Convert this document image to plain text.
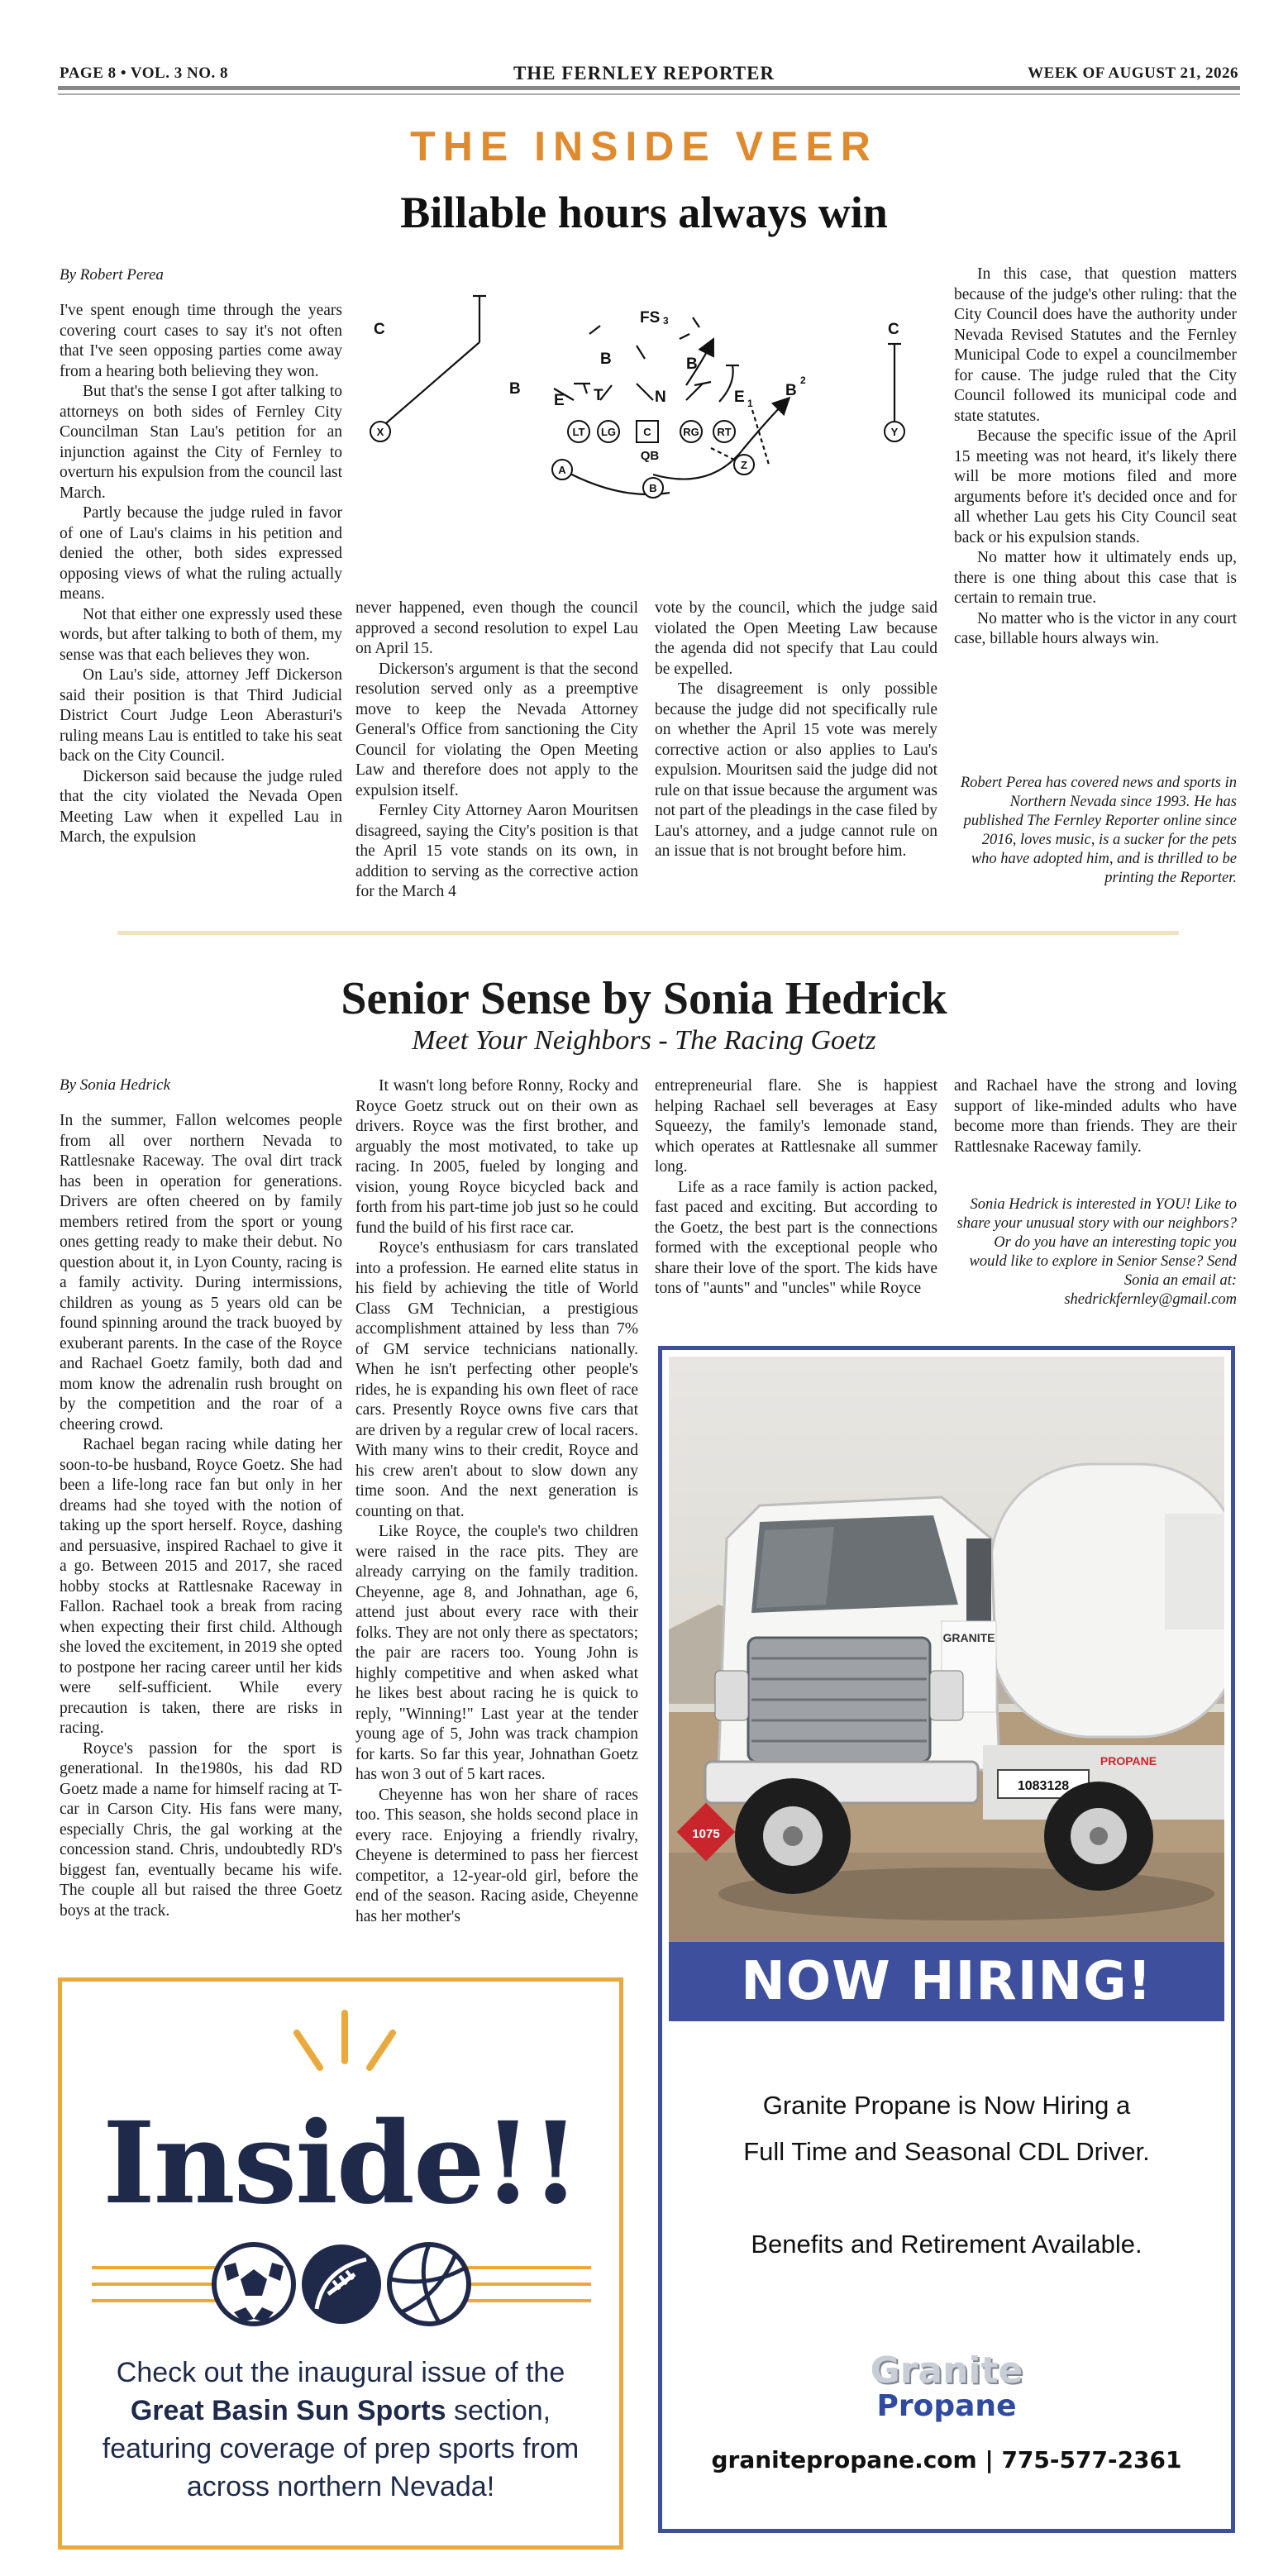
PAGE 8 • VOL. 3 NO. 8	THE FERNLEY REPORTER	WEEK OF AUGUST 21, 2026
THE INSIDE VEER
Billable hours always win
By Robert Perea

I've spent enough time through the years covering court cases to say it's not often that I've seen opposing parties come away from a hearing both believing they won.

But that's the sense I got after talking to attorneys on both sides of Fernley City Councilman Stan Lau's petition for an injunction against the City of Fernley to overturn his expulsion from the council last March.

Partly because the judge ruled in favor of one of Lau's claims in his petition and denied the other, both sides expressed opposing views of what the ruling actually means.

Not that either one expressly used these words, but after talking to both of them, my sense was that each believes they won.

On Lau's side, attorney Jeff Dickerson said their position is that Third Judicial District Court Judge Leon Aberasturi's ruling means Lau is entitled to take his seat back on the City Council.

Dickerson said because the judge ruled that the city violated the Nevada Open Meeting Law when it expelled Lau in March, the expulsion

C
FS 3	C
B
B	B
B
2
E T	N	E 1
LT LG	C	RG RT
X	Y
QB
A	Z
B

never happened, even though the council approved a second resolution to expel Lau on April 15.

Dickerson's argument is that the second resolution served only as a preemptive move to keep the Nevada Attorney General's Office from sanctioning the City Council for violating the Open Meeting Law and therefore does not apply to the expulsion itself.

Fernley City Attorney Aaron Mouritsen disagreed, saying the City's position is that the April 15 vote stands on its own, in addition to serving as the corrective action for the March 4

vote by the council, which the judge said violated the Open Meeting Law because the agenda did not specify that Lau could be expelled.

The disagreement is only possible because the judge did not specifically rule on whether the April 15 vote was merely corrective action or also applies to Lau's expulsion. Mouritsen said the judge did not rule on that issue because the argument was not part of the pleadings in the case filed by Lau's attorney, and a judge cannot rule on an issue that is not brought before him.

In this case, that question matters because of the judge's other ruling: that the City Council does have the authority under Nevada Revised Statutes and the Fernley Municipal Code to expel a councilmember for cause. The judge ruled that the City Council followed its municipal code and state statutes.

Because the specific issue of the April 15 meeting was not heard, it's likely there will be more motions filed and more arguments before it's decided once and for all whether Lau gets his City Council seat back or his expulsion stands.

No matter how it ultimately ends up, there is one thing about this case that is certain to remain true.

No matter who is the victor in any court case, billable hours always win.

Robert Perea has covered news and sports in Northern Nevada since 1993. He has published The Fernley Reporter online since 2016, loves music, is a sucker for the pets who have adopted him, and is thrilled to be printing the Reporter.
Senior Sense by Sonia Hedrick
Meet Your Neighbors - The Racing Goetz
By Sonia Hedrick

In the summer, Fallon welcomes people from all over northern Nevada to Rattlesnake Raceway. The oval dirt track has been in operation for generations. Drivers are often cheered on by family members retired from the sport or young ones getting ready to make their debut. No question about it, in Lyon County, racing is a family activity. During intermissions, children as young as 5 years old can be found spinning around the track buoyed by exuberant parents. In the case of the Royce and Rachael Goetz family, both dad and mom know the adrenalin rush brought on by the competition and the roar of a cheering crowd.

Rachael began racing while dating her soon-to-be husband, Royce Goetz. She had been a life-long race fan but only in her dreams had she toyed with the notion of taking up the sport herself. Royce, dashing and persuasive, inspired Rachael to give it a go. Between 2015 and 2017, she raced hobby stocks at Rattlesnake Raceway in Fallon. Rachael took a break from racing when expecting their first child. Although she loved the excitement, in 2019 she opted to postpone her racing career until her kids were self-sufficient. While every precaution is taken, there are risks in racing.

Royce's passion for the sport is generational. In the1980s, his dad RD Goetz made a name for himself racing at T-car in Carson City. His fans were many, especially Chris, the gal working at the concession stand. Chris, undoubtedly RD's biggest fan, eventually became his wife. The couple all but raised the three Goetz boys at the track.

It wasn't long before Ronny, Rocky and Royce Goetz struck out on their own as drivers. Royce was the first brother, and arguably the most motivated, to take up racing. In 2005, fueled by longing and vision, young Royce bicycled back and forth from his part-time job just so he could fund the build of his first race car.

Royce's enthusiasm for cars translated into a profession. He earned elite status in his field by achieving the title of World Class GM Technician, a prestigious accomplishment attained by less than 7% of GM service technicians nationally. When he isn't perfecting other people's rides, he is expanding his own fleet of race cars. Presently Royce owns five cars that are driven by a regular crew of local racers. With many wins to their credit, Royce and his crew aren't about to slow down any time soon. And the next generation is counting on that.

Like Royce, the couple's two children were raised in the race pits. They are already carrying on the family tradition. Cheyenne, age 8, and Johnathan, age 6, attend just about every race with their folks. They are not only there as spectators; the pair are racers too. Young John is highly competitive and when asked what he likes best about racing he is quick to reply, "Winning!" Last year at the tender young age of 5, John was track champion for karts. So far this year, Johnathan Goetz has won 3 out of 5 kart races.

Cheyenne has won her share of races too. This season, she holds second place in every race. Enjoying a friendly rivalry, Cheyene is determined to pass her fiercest competitor, a 12-year-old girl, before the end of the season. Racing aside, Cheyenne has her mother's

entrepreneurial flare. She is happiest helping Rachael sell beverages at Easy Squeezy, the family's lemonade stand, which operates at Rattlesnake all summer long.

Life as a race family is action packed, fast paced and exciting. But according to the Goetz, the best part is the connections formed with the exceptional people who share their love of the sport. The kids have tons of "aunts" and "uncles" while Royce

and Rachael have the strong and loving support of like-minded adults who have become more than friends. They are their Rattlesnake Raceway family.

Sonia Hedrick is interested in YOU! Like to share your unusual story with our neighbors? Or do you have an interesting topic you would like to explore in Senior Sense? Send Sonia an email at: shedrickfernley@gmail.com
Inside!!
Check out the inaugural issue of the Great Basin Sun Sports section, featuring coverage of prep sports from across northern Nevada!
GRANITE
1075
1083128
PROPANE
NOW HIRING!
Granite Propane is Now Hiring a
Full Time and Seasonal CDL Driver.
Benefits and Retirement Available.
Granite
Propane
granitepropane.com | 775-577-2361
